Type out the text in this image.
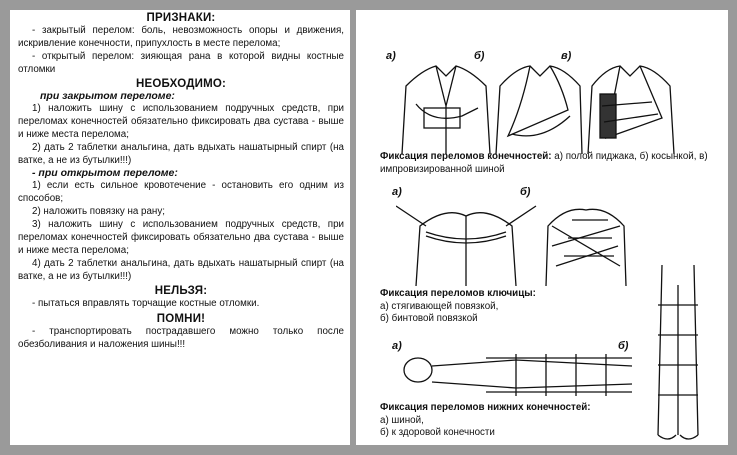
ПРИЗНАКИ:
- закрытый перелом: боль, невозможность опоры и движения, искривление конечности, припухлость в месте перелома;
- открытый перелом: зияющая рана в которой видны костные отломки
НЕОБХОДИМО:
при закрытом переломе:
1) наложить шину с использованием подручных средств, при переломах конечностей обязательно фиксировать два сустава - выше и ниже места перелома;
2) дать 2 таблетки анальгина, дать вдыхать нашатырный спирт (на ватке, а не из бутылки!!!)
- при открытом переломе:
1) если есть сильное кровотечение - остановить его одним из способов;
2) наложить повязку на рану;
3) наложить шину с использованием подручных средств, при переломах конечностей фиксировать обязательно два сустава - выше и ниже места перелома;
4) дать 2 таблетки анальгина, дать вдыхать нашатырный спирт (на ватке, а не из бутылки!!!)
НЕЛЬЗЯ:
- пытаться вправлять торчащие костные отломки.
ПОМНИ!
- транспортировать пострадавшего можно только после обезболивания и наложения шины!!!
а)	б)	в)
Фиксация переломов конечностей: а) полой пиджака, б) косынкой, в) импровизированной шиной
а)	б)
Фиксация переломов ключицы:
а) стягивающей повязкой,
б) бинтовой повязкой
а)	б)
Фиксация переломов нижних конечностей:
а) шиной,
б) к здоровой конечности
